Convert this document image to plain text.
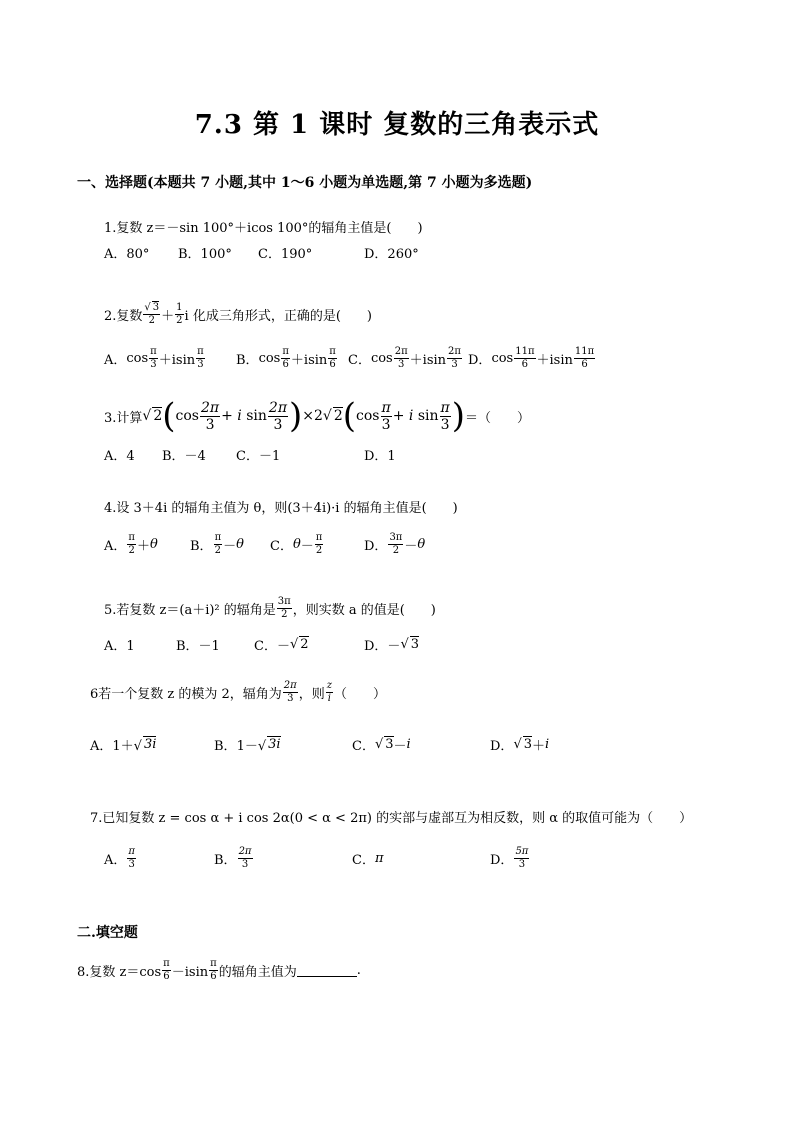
7.3 第 1 课时 复数的三角表示式
一、选择题(本题共 7 小题,其中 1～6 小题为单选题,第 7 小题为多选题)
1.复数 z＝－sin 100°＋icos 100°的辐角主值是(　　)
A．80° B．100° C．190°	D．260°
2.复数 $\frac{√ 3}{2} + \frac{1}{2}$ i 化成三角形式，正确的是(　　)
A． $\cos \frac{\pi}{3} +isin \frac{\pi}{3}$ B． $\cos \frac{\pi}{6} +isin \frac{\pi}{6}$ C． $\cos \frac{2\pi}{3} +isin \frac{2\pi}{3}$ D． $\cos \frac{11\pi}{6} +isin \frac{11\pi}{6}$
3.计算 √ 2 ( $\cos \frac{2\pi}{3} + i$ $\sin \frac{2\pi}{3}$ ) ×2√ 2 ( $\cos \frac{\pi}{3} + i$ $\sin \frac{\pi}{3}$ ) ＝（　　）
A．4 B．－4 C．－1	D．1
4.设 3＋4i 的辐角主值为 θ，则(3＋4i)·i 的辐角主值是(　　)
A． $\frac{\pi}{2} + \theta$ B． $\frac{\pi}{2} - \theta$ C． $\theta - \frac{\pi}{2}$	D． $\frac{3\pi}{2} - \theta$
5.若复数 z＝(a＋i)² 的辐角是 $\frac{3\pi}{2}$ ，则实数 a 的值是(　　)
A．1	B．－1	C．－ √ 2	D．－ √ 3
6若一个复数 z 的模为 2，辐角为 $\frac{2\pi}{3}$ ，则 $\frac{z}{i}$ （　　）
A． 1＋√ 3i	B． 1－√ 3i	C． √ 3 － i	D． √ 3 ＋ i
7.已知复数 z = cos α + i cos 2α(0 < α < 2π) 的实部与虚部互为相反数，则 α 的取值可能为（　　）
A． $\frac{\pi}{3}$	B． $\frac{2\pi}{3}$	C． π	D． $\frac{5\pi}{3}$
二.填空题
8.复数 $z=\cos \frac{\pi}{6} -isin \frac{\pi}{6}$ 的辐角主值为	.
